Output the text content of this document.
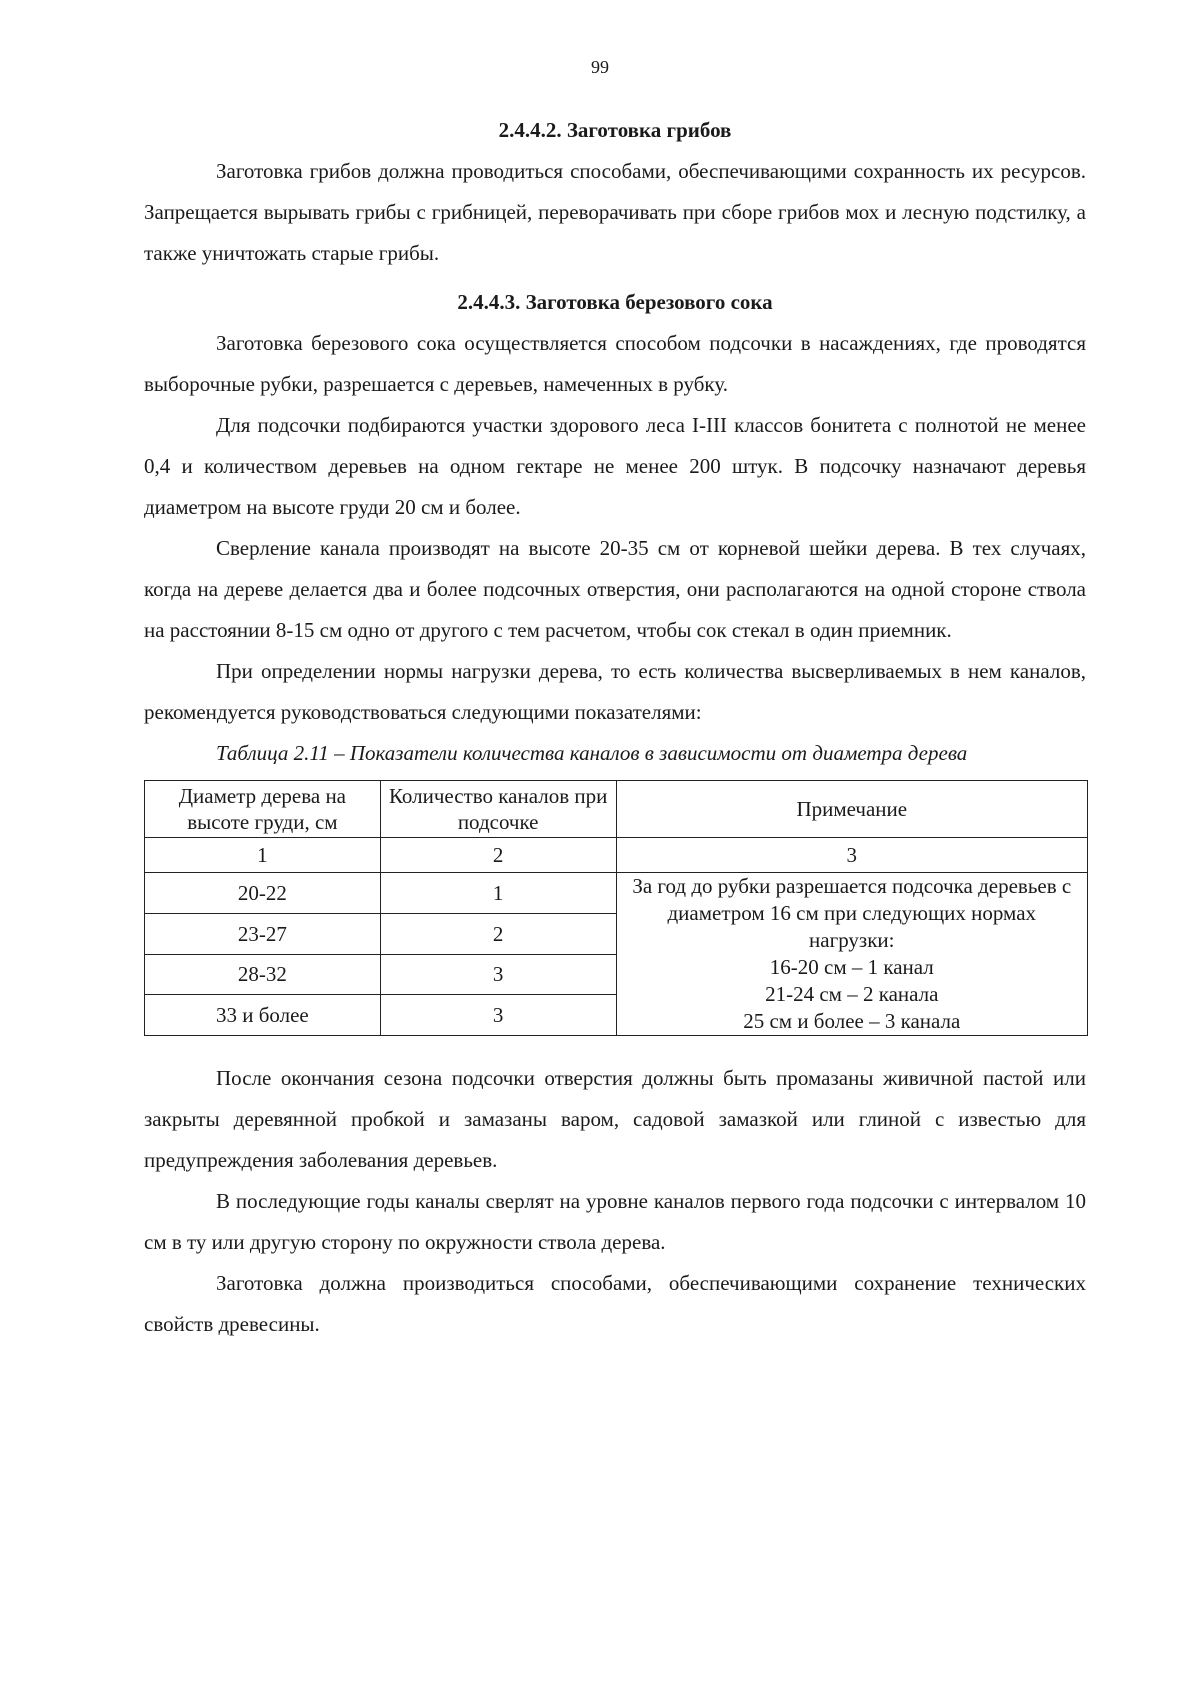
99
2.4.4.2. Заготовка грибов

Заготовка грибов должна проводиться способами, обеспечивающими сохранность их ресурсов. Запрещается вырывать грибы с грибницей, переворачивать при сборе грибов мох и лесную подстилку, а также уничтожать старые грибы.

2.4.4.3. Заготовка березового сока

Заготовка березового сока осуществляется способом подсочки в насаждениях, где проводятся выборочные рубки, разрешается с деревьев, намеченных в рубку.

Для подсочки подбираются участки здорового леса I-III классов бонитета с полнотой не менее 0,4 и количеством деревьев на одном гектаре не менее 200 штук. В подсочку назначают деревья диаметром на высоте груди 20 см и более.

Сверление канала производят на высоте 20-35 см от корневой шейки дерева. В тех случаях, когда на дереве делается два и более подсочных отверстия, они располагаются на одной стороне ствола на расстоянии 8-15 см одно от другого с тем расчетом, чтобы сок стекал в один приемник.

При определении нормы нагрузки дерева, то есть количества высверливаемых в нем каналов, рекомендуется руководствоваться следующими показателями:

Таблица 2.11 – Показатели количества каналов в зависимости от диаметра дерева

Диаметр дерева на высоте груди, см	Количество каналов при подсочке	Примечание
1	2	3
20-22	1	За год до рубки разрешается подсочка деревьев с диаметром 16 см при следующих нормах нагрузки:
16-20 см – 1 канал
21-24 см – 2 канала
25 см и более – 3 канала

23-27	2	
28-32	3	
33 и более	3	

После окончания сезона подсочки отверстия должны быть промазаны живичной пастой или закрыты деревянной пробкой и замазаны варом, садовой замазкой или глиной с известью для предупреждения заболевания деревьев.

В последующие годы каналы сверлят на уровне каналов первого года подсочки с интервалом 10 см в ту или другую сторону по окружности ствола дерева.

Заготовка должна производиться способами, обеспечивающими сохранение технических свойств древесины.
